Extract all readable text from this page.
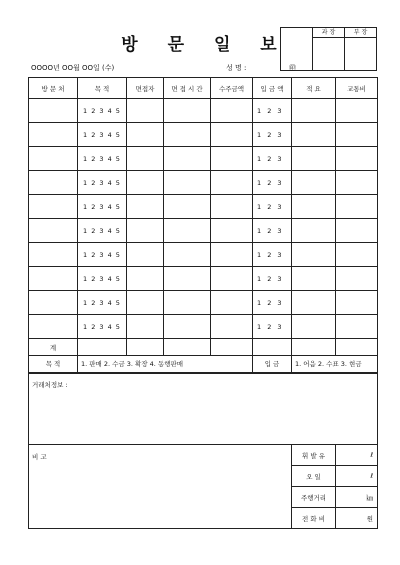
방 문 일 보
	과 장	부 장

OOOO년 OO월 OO일 (수)	성 명 :	㊞
방 문 처	목 적	면접자	면 접 시 간	수주금액	입 금 액	적 요	교통비
	1 2 3 4 5				1 2 3		
	1 2 3 4 5				1 2 3		
	1 2 3 4 5				1 2 3		
	1 2 3 4 5				1 2 3		
	1 2 3 4 5				1 2 3		
	1 2 3 4 5				1 2 3		
	1 2 3 4 5				1 2 3		
	1 2 3 4 5				1 2 3		
	1 2 3 4 5				1 2 3		
	1 2 3 4 5				1 2 3		
계							
목 적	1. 판매 2. 수금 3. 확장 4. 동행판매				입 금	1. 어음 2. 수표 3. 현금	
거래처정보 :							
비 고						휘 발 유	ℓ
						오 일	ℓ
						주행거리	㎞
						전 화 비	원
